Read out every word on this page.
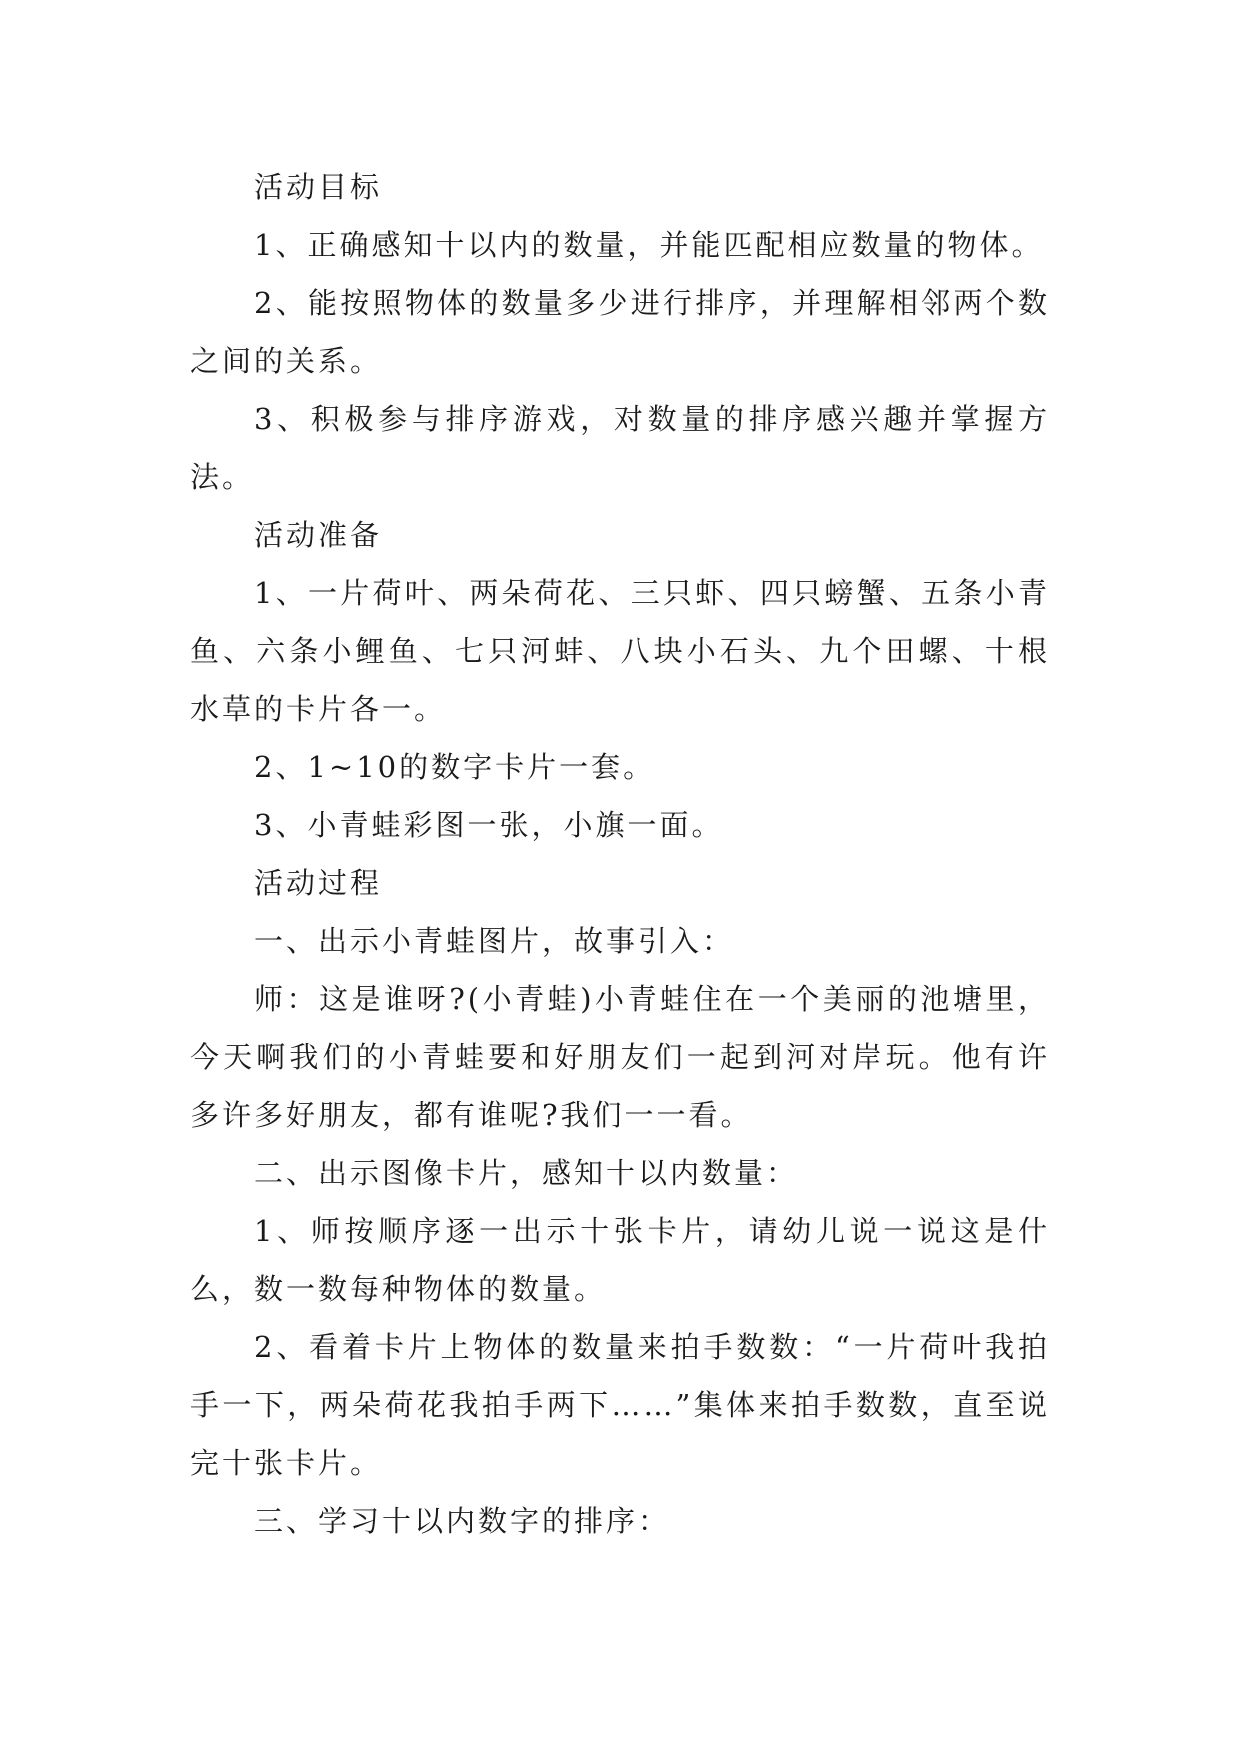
活动目标

1、正确感知十以内的数量，并能匹配相应数量的物体。

2、能按照物体的数量多少进行排序，并理解相邻两个数之间的关系。

3、积极参与排序游戏，对数量的排序感兴趣并掌握方法。

活动准备

1、一片荷叶、两朵荷花、三只虾、四只螃蟹、五条小青鱼、六条小鲤鱼、七只河蚌、八块小石头、九个田螺、十根水草的卡片各一。

2、1~10的数字卡片一套。

3、小青蛙彩图一张，小旗一面。

活动过程

一、出示小青蛙图片，故事引入：

师：这是谁呀?(小青蛙)小青蛙住在一个美丽的池塘里，今天啊我们的小青蛙要和好朋友们一起到河对岸玩。他有许多许多好朋友，都有谁呢?我们一一看。

二、出示图像卡片，感知十以内数量：

1、师按顺序逐一出示十张卡片，请幼儿说一说这是什么，数一数每种物体的数量。

2、看着卡片上物体的数量来拍手数数：“一片荷叶我拍手一下，两朵荷花我拍手两下……”集体来拍手数数，直至说完十张卡片。

三、学习十以内数字的排序：
